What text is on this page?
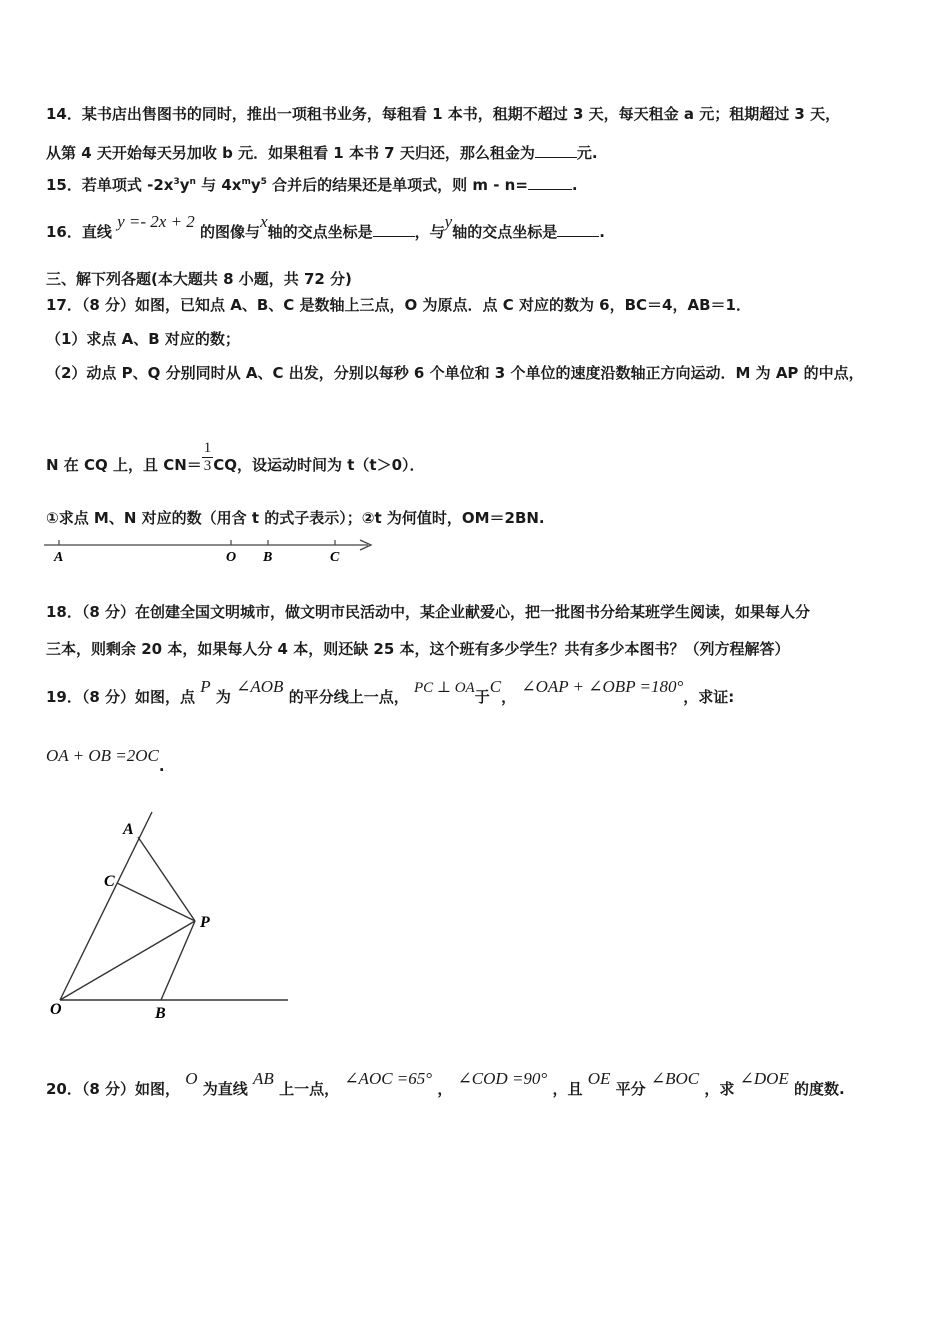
14．某书店出售图书的同时，推出一项租书业务，每租看 1 本书，租期不超过 3 天，每天租金 a 元；租期超过 3 天，
从第 4 天开始每天另加收 b 元．如果租看 1 本书 7 天归还，那么租金为	元.
15．若单项式 $-2x^3y^n$ 与 $4x^my^5$ 合并后的结果还是单项式，则 m - n=	.
16．直线 y =- 2x + 2 的图像与x轴的交点坐标是	，与y轴的交点坐标是	.
三、解下列各题(本大题共 8 小题，共 72 分)
17．（8 分）如图，已知点 A、B、C 是数轴上三点，O 为原点．点 C 对应的数为 6，BC＝4，AB＝1．
（1）求点 A、B 对应的数；
（2）动点 P、Q 分别同时从 A、C 出发，分别以每秒 6 个单位和 3 个单位的速度沿数轴正方向运动．M 为 AP 的中点，
N 在 CQ 上，且 $CN= \frac{1}{3}$ CQ，设运动时间为 t（t＞0）．
①求点 M、N 对应的数（用含 t 的式子表示）；②t 为何值时，OM＝2BN.
A	O B	C
18．（8 分）在创建全国文明城市，做文明市民活动中，某企业献爱心，把一批图书分给某班学生阅读，如果每人分
三本，则剩余 20 本，如果每人分 4 本，则还缺 25 本，这个班有多少学生？共有多少本图书？（列方程解答）
19．（8 分）如图，点 P 为 ∠AOB 的平分线上一点， PC ⊥ OA于C， ∠OAP + ∠OBP =180°，求证:
OA + OB =2OC.
A
C
P
O	B
20．（8 分）如图， O 为直线 AB 上一点， ∠AOC =65° ， ∠COD =90° ，且 OE 平分 ∠BOC ，求 ∠DOE 的度数.
